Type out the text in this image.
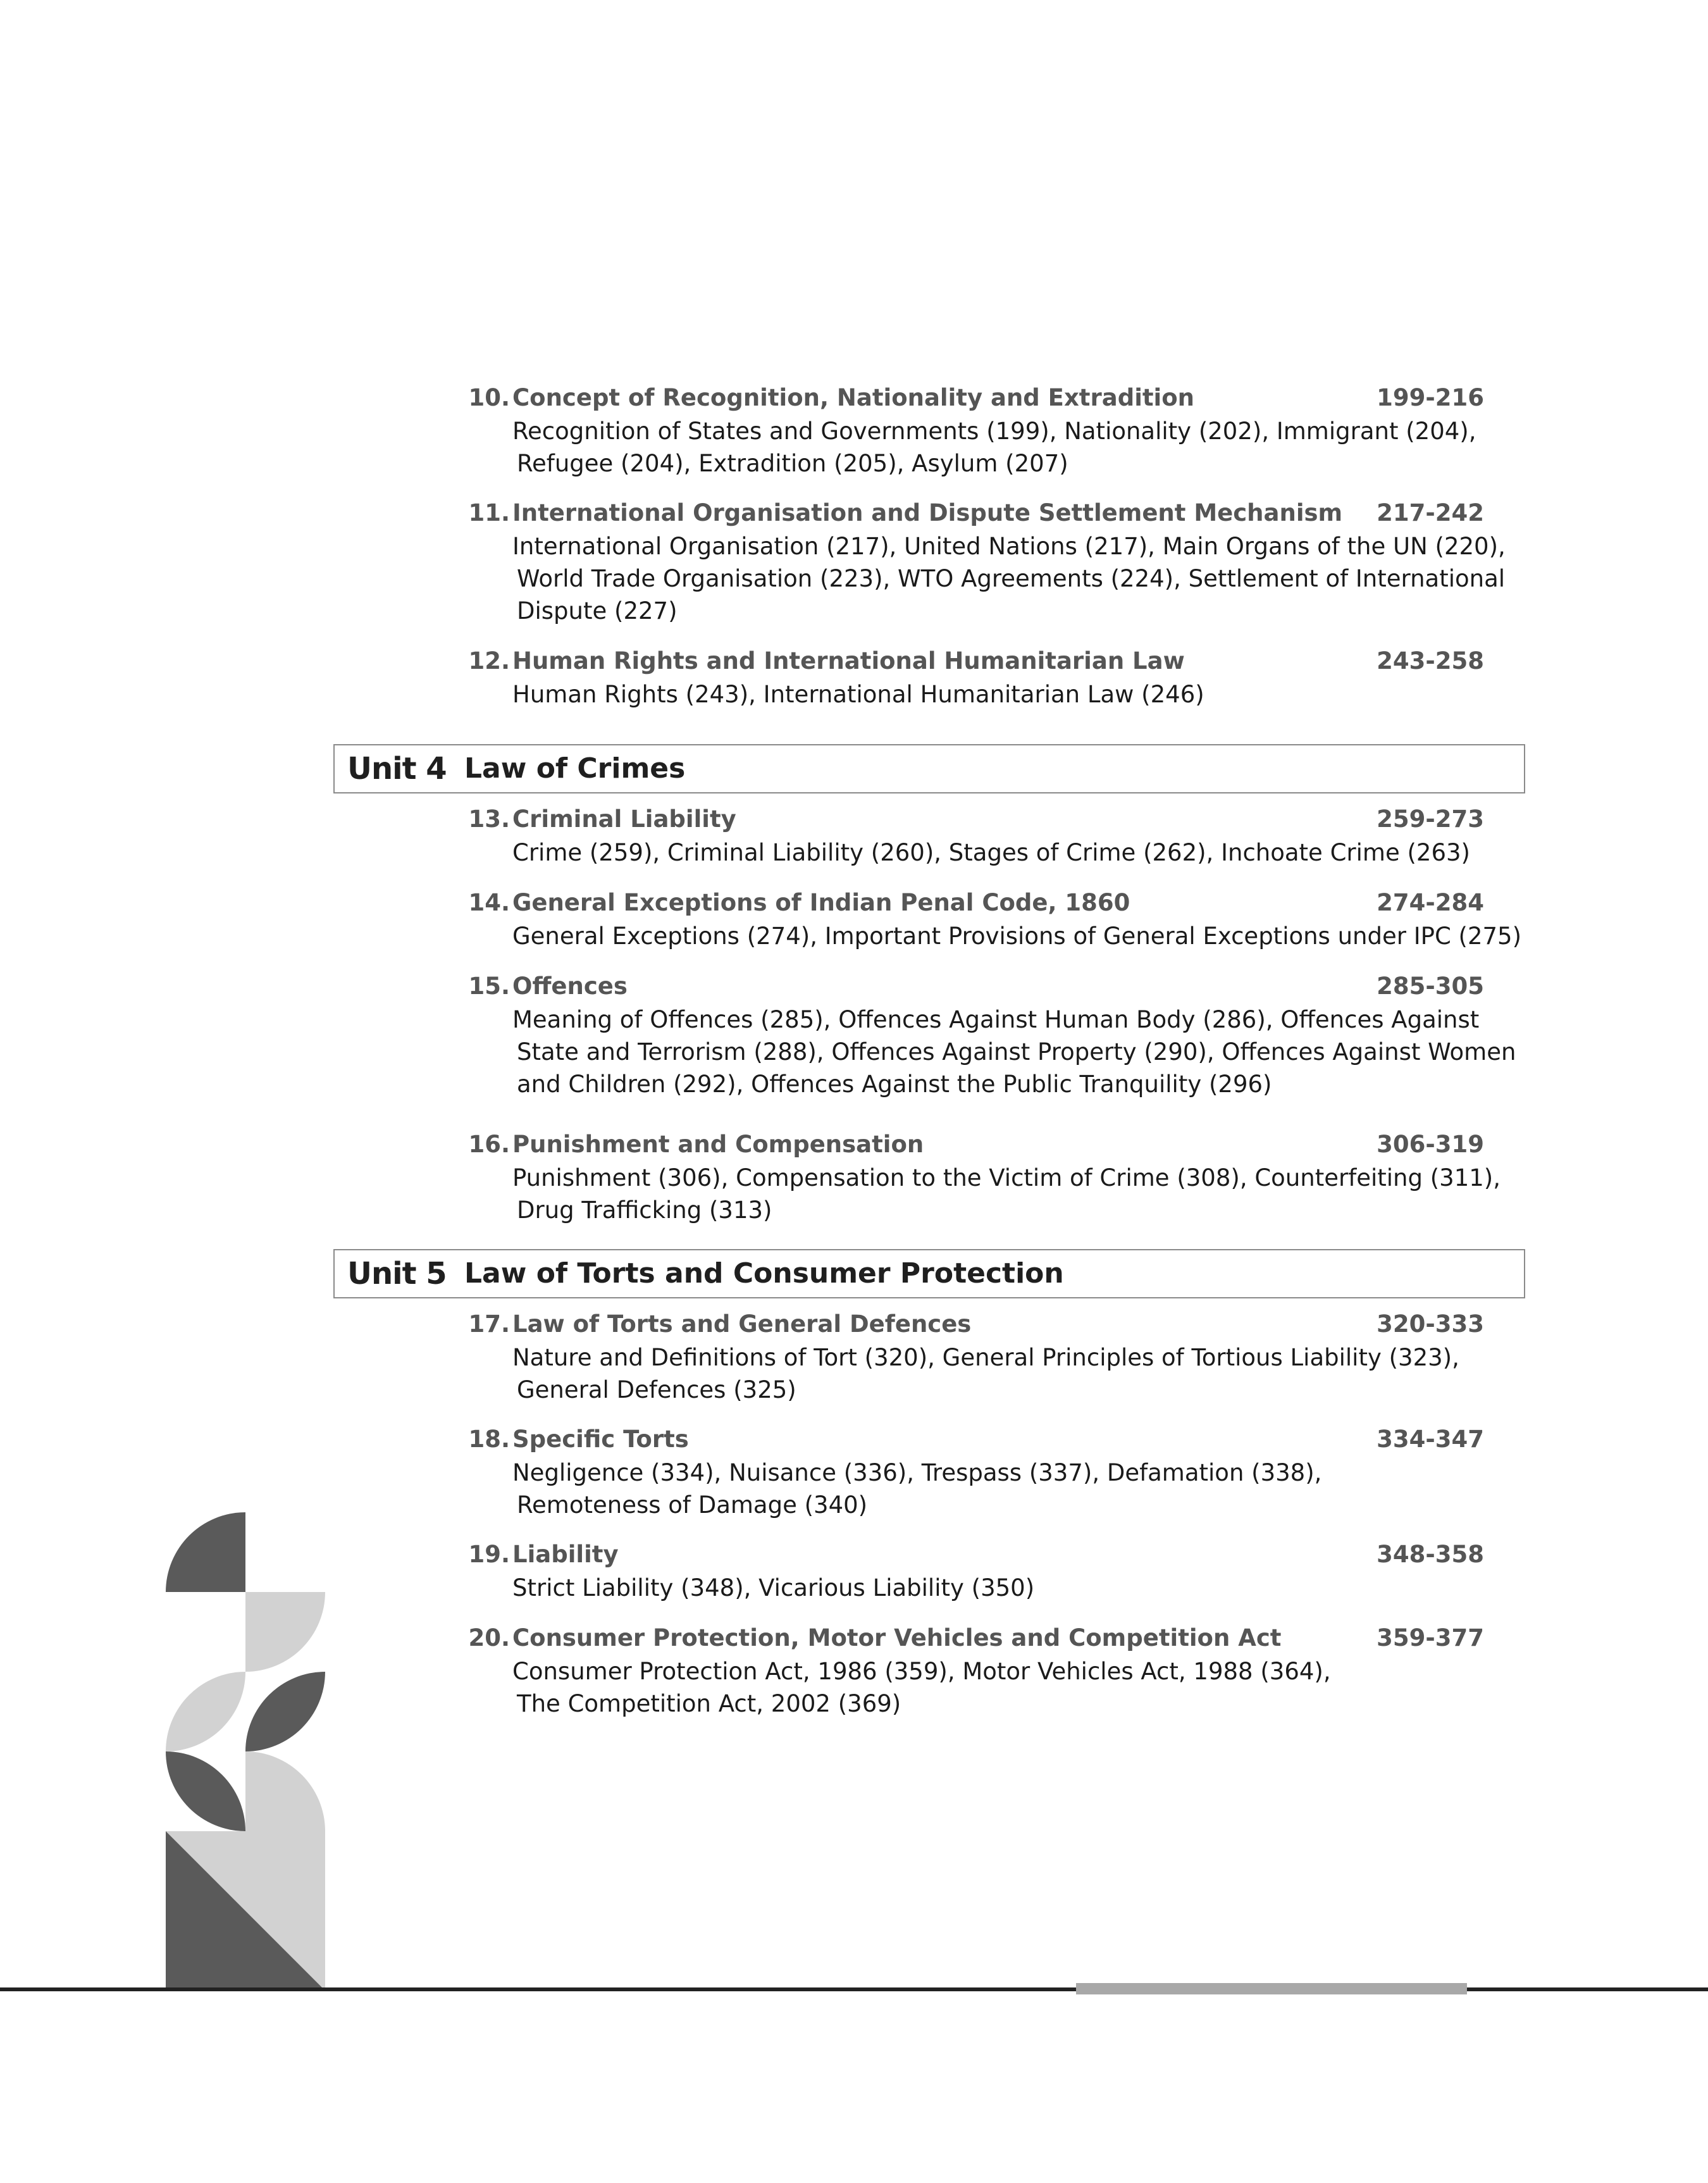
10. Concept of Recognition, Nationality and Extradition	199-216
Recognition of States and Governments (199), Nationality (202), Immigrant (204),
Refugee (204), Extradition (205), Asylum (207)
11. International Organisation and Dispute Settlement Mechanism 217-242
International Organisation (217), United Nations (217), Main Organs of the UN (220),
World Trade Organisation (223), WTO Agreements (224), Settlement of International
Dispute (227)
12. Human Rights and International Humanitarian Law	243-258
Human Rights (243), International Humanitarian Law (246)
Unit 4 Law of Crimes
13. Criminal Liability	259-273
Crime (259), Criminal Liability (260), Stages of Crime (262), Inchoate Crime (263)
14. General Exceptions of Indian Penal Code, 1860	274-284
General Exceptions (274), Important Provisions of General Exceptions under IPC (275)
15. Offences	285-305
Meaning of Offences (285), Offences Against Human Body (286), Offences Against
State and Terrorism (288), Offences Against Property (290), Offences Against Women
and Children (292), Offences Against the Public Tranquility (296)
16. Punishment and Compensation	306-319
Punishment (306), Compensation to the Victim of Crime (308), Counterfeiting (311),
Drug Trafficking (313)
Unit 5 Law of Torts and Consumer Protection
17. Law of Torts and General Defences	320-333
Nature and Definitions of Tort (320), General Principles of Tortious Liability (323),
General Defences (325)
18. Specific Torts	334-347
Negligence (334), Nuisance (336), Trespass (337), Defamation (338),
Remoteness of Damage (340)
19. Liability	348-358
Strict Liability (348), Vicarious Liability (350)
20. Consumer Protection, Motor Vehicles and Competition Act	359-377
Consumer Protection Act, 1986 (359), Motor Vehicles Act, 1988 (364),
The Competition Act, 2002 (369)
